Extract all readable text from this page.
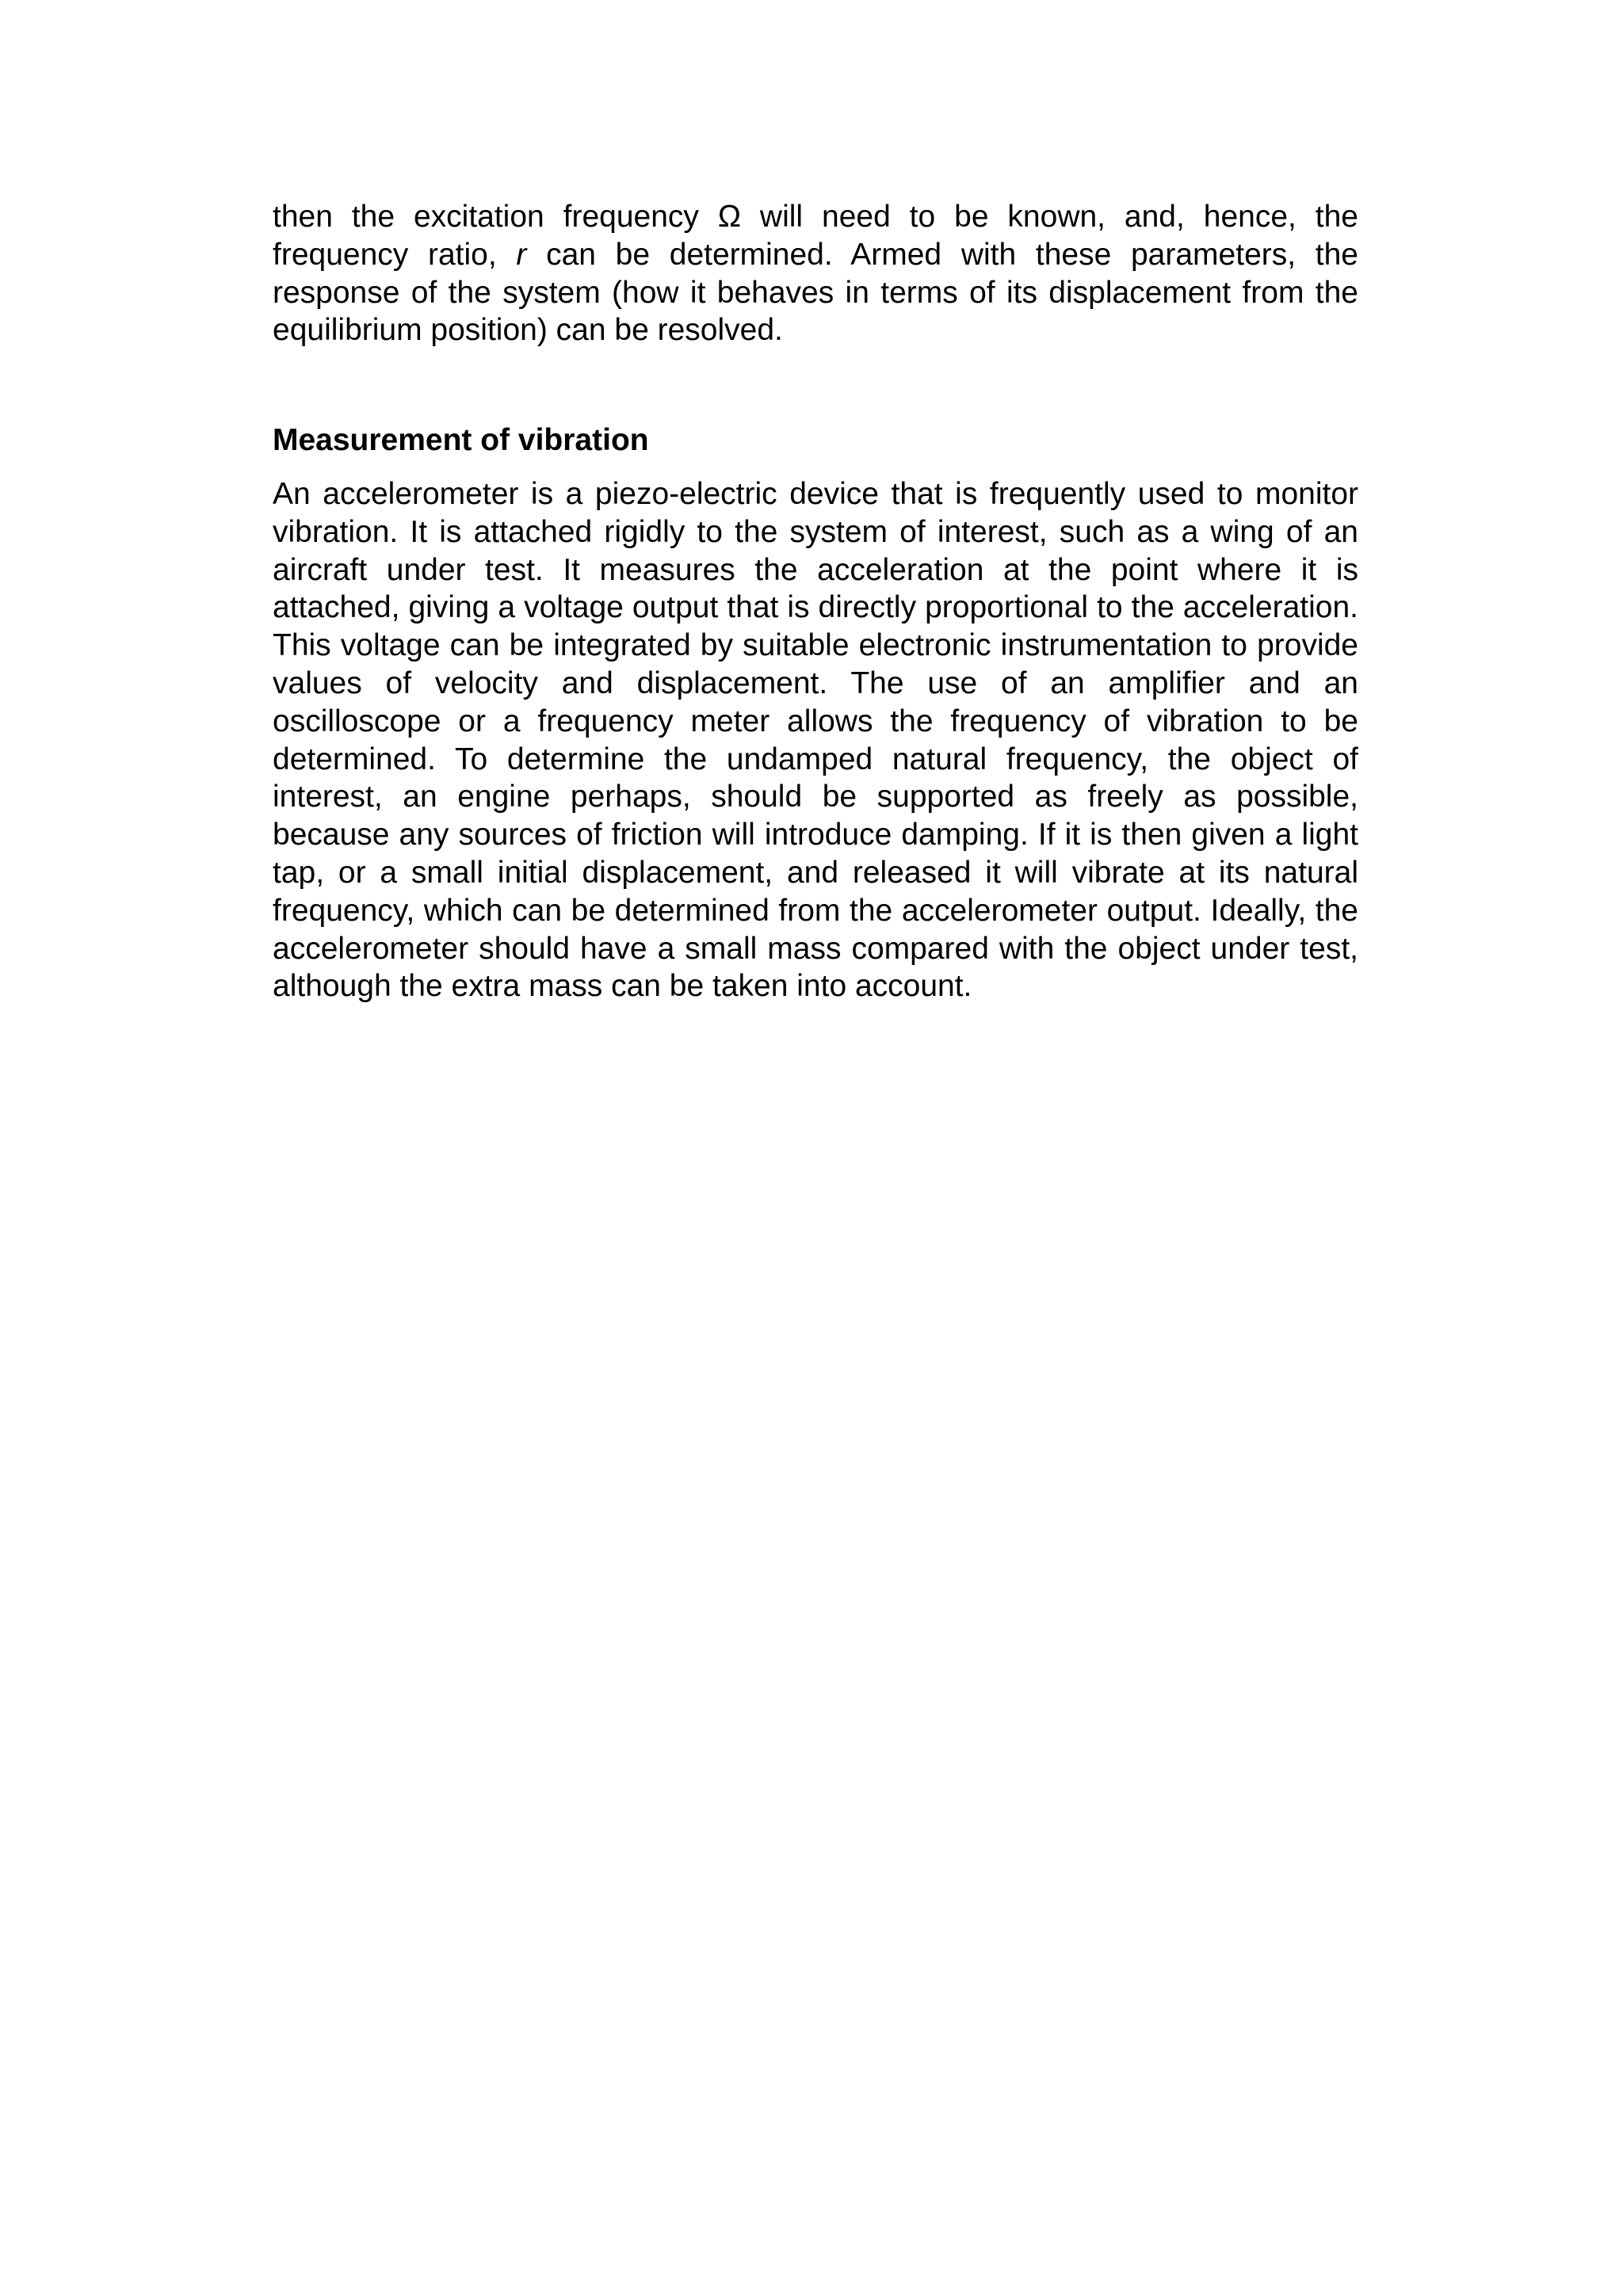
then the excitation frequency Ω will need to be known, and, hence, the frequency ratio, r can be determined. Armed with these parameters, the response of the system (how it behaves in terms of its displacement from the equilibrium position) can be resolved.

Measurement of vibration

An accelerometer is a piezo-electric device that is frequently used to monitor vibration. It is attached rigidly to the system of interest, such as a wing of an aircraft under test. It measures the acceleration at the point where it is attached, giving a voltage output that is directly proportional to the acceleration. This voltage can be integrated by suitable electronic instrumentation to provide values of velocity and displacement. The use of an amplifier and an oscilloscope or a frequency meter allows the frequency of vibration to be determined. To determine the undamped natural frequency, the object of interest, an engine perhaps, should be supported as freely as possible, because any sources of friction will introduce damping. If it is then given a light tap, or a small initial displacement, and released it will vibrate at its natural frequency, which can be determined from the accelerometer output. Ideally, the accelerometer should have a small mass compared with the object under test, although the extra mass can be taken into account.
